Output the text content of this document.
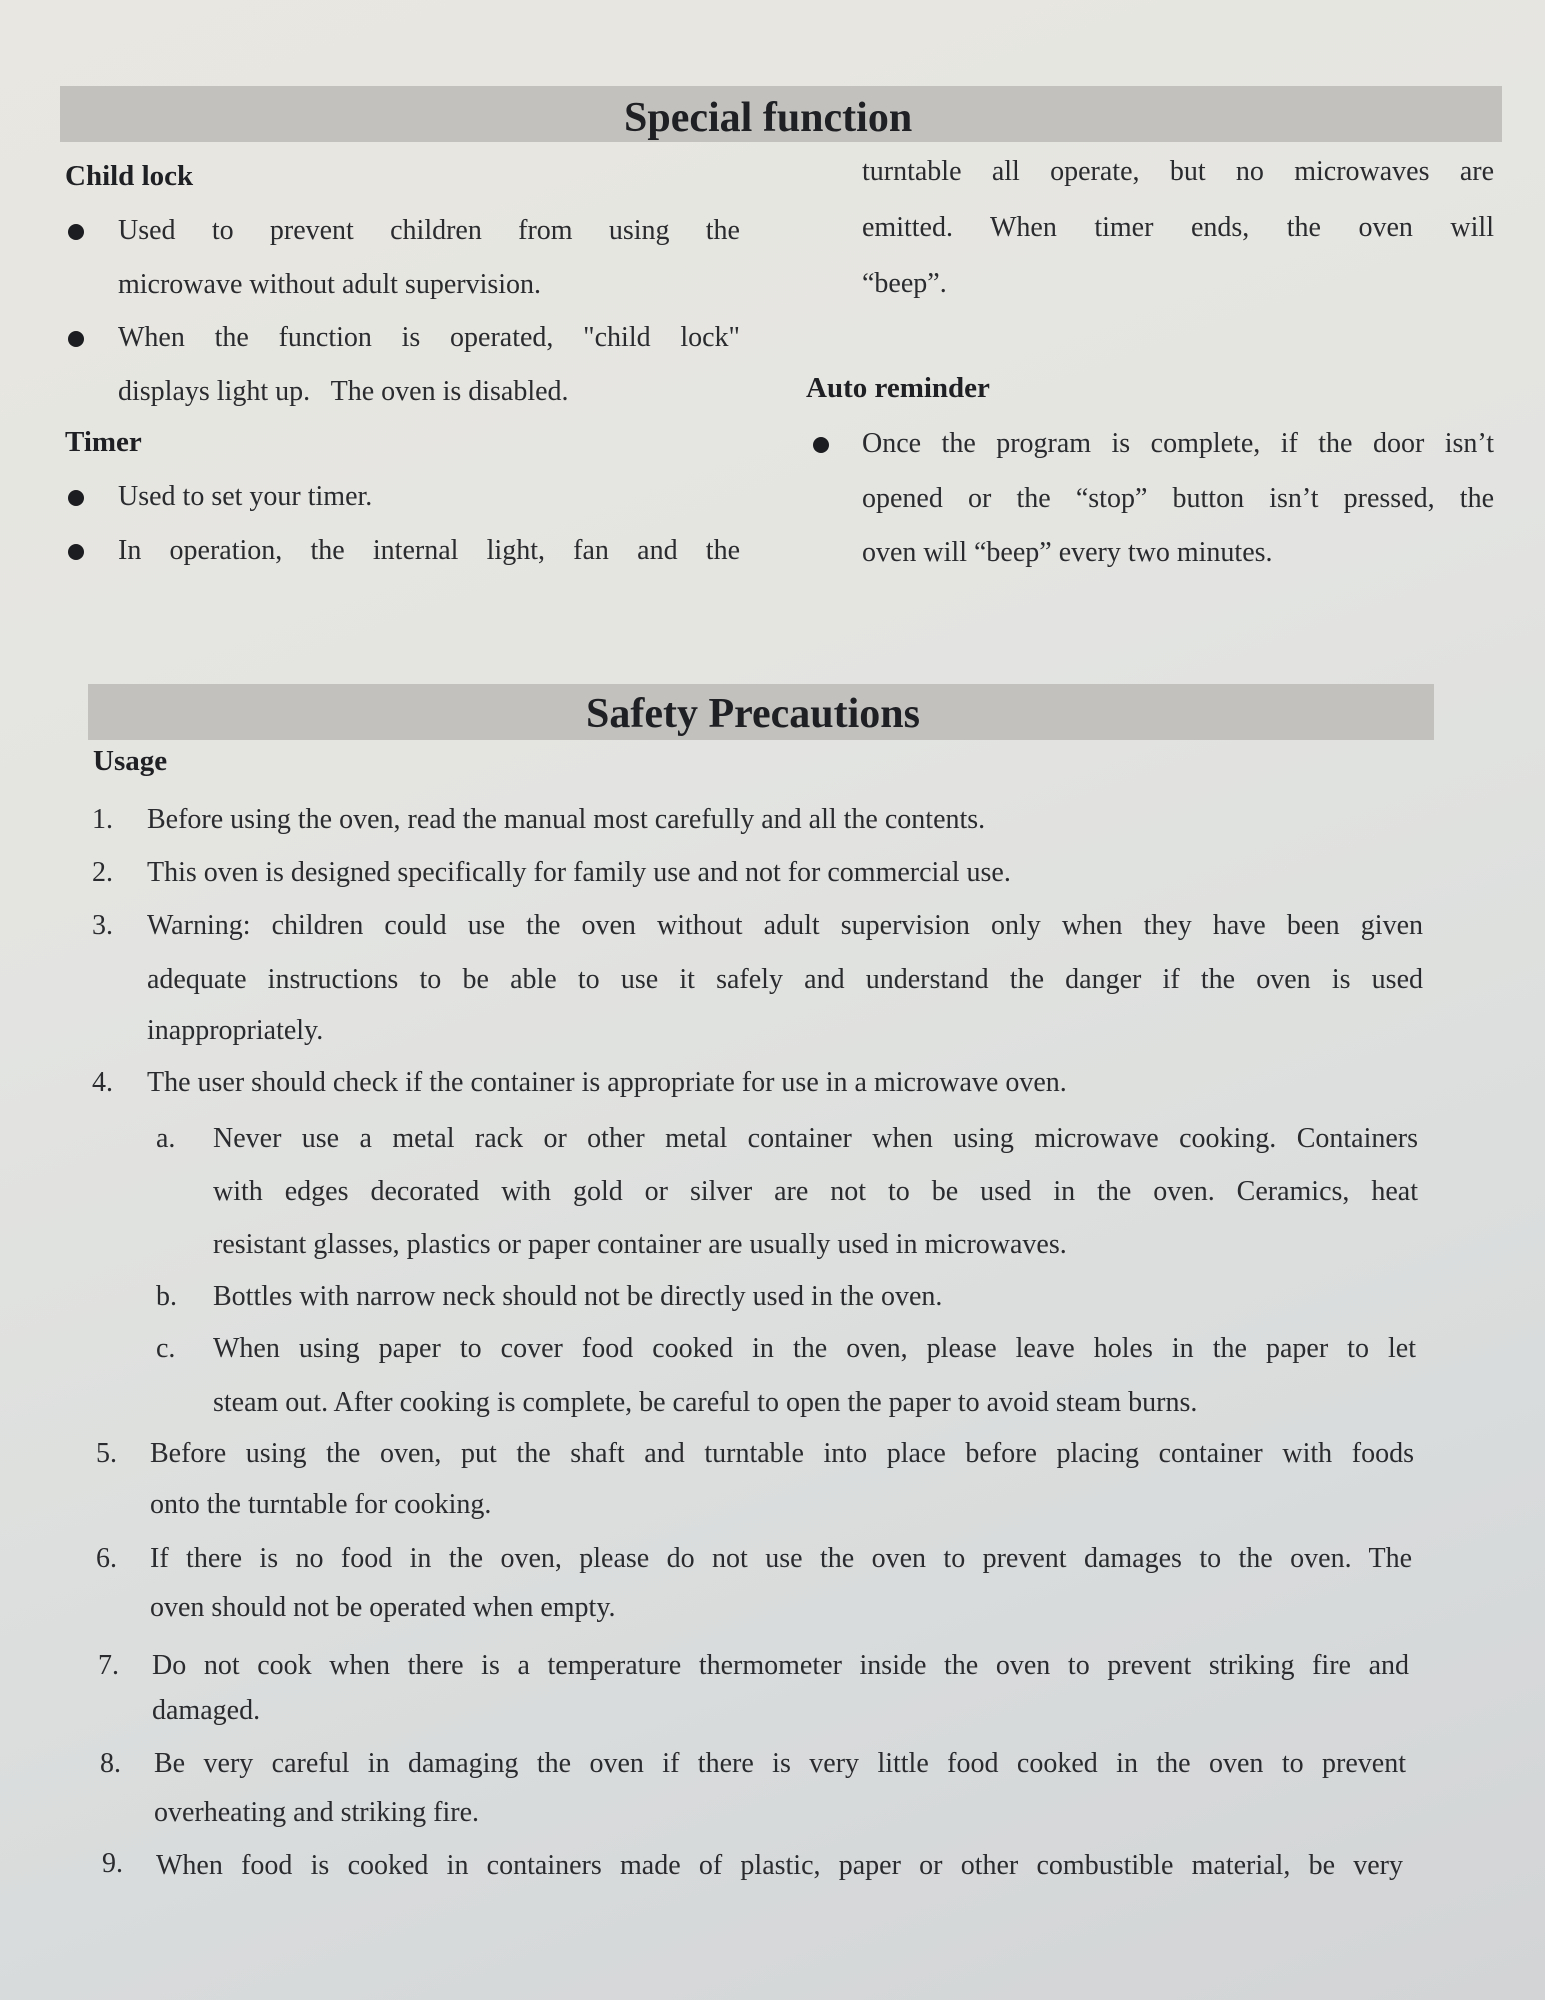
Special function
Child lock
Used to prevent children from using the
microwave without adult supervision.
When the function is operated, "child lock"
displays light up.   The oven is disabled.
Timer
Used to set your timer.
In operation, the internal light, fan and the
turntable all operate, but no microwaves are
emitted. When timer ends, the oven will
“beep”.
Auto reminder
Once the program is complete, if the door isn’t
opened or the “stop” button isn’t pressed, the
oven will “beep” every two minutes.
Safety Precautions
Usage
1. Before using the oven, read the manual most carefully and all the contents.
2. This oven is designed specifically for family use and not for commercial use.
3. Warning: children could use the oven without adult supervision only when they have been given
adequate instructions to be able to use it safely and understand the danger if the oven is used
inappropriately.
4. The user should check if the container is appropriate for use in a microwave oven.
a. Never use a metal rack or other metal container when using microwave cooking. Containers
with edges decorated with gold or silver are not to be used in the oven. Ceramics, heat
resistant glasses, plastics or paper container are usually used in microwaves.
b. Bottles with narrow neck should not be directly used in the oven.
c. When using paper to cover food cooked in the oven, please leave holes in the paper to let
steam out. After cooking is complete, be careful to open the paper to avoid steam burns.
5. Before using the oven, put the shaft and turntable into place before placing container with foods
onto the turntable for cooking.
6. If there is no food in the oven, please do not use the oven to prevent damages to the oven. The
oven should not be operated when empty.
7. Do not cook when there is a temperature thermometer inside the oven to prevent striking fire and
damaged.
8. Be very careful in damaging the oven if there is very little food cooked in the oven to prevent
overheating and striking fire.
9. When food is cooked in containers made of plastic, paper or other combustible material, be very
